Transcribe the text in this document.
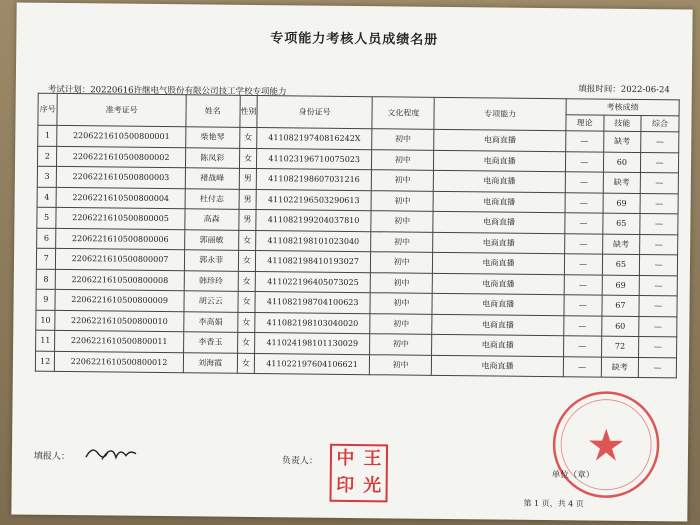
专项能力考核人员成绩名册
考试计划：20220616许继电气股份有限公司技工学校专项能力	填报时间：2022-06-24
序号	准考证号	姓名	性别	身份证号	文化程度	专项能力	考核成绩		
							理论	技能	综合
1	2206221610500800001	柴艳琴	女	41108219740816242X	初中	电商直播	—	缺考	—
2	2206221610500800002	陈凤彩	女	411023196710075023	初中	电商直播	—	60	—
3	2206221610500800003	褚战峰	男	411082198607031216	初中	电商直播	—	缺考	—
4	2206221610500800004	杜付志	男	411022196503290613	初中	电商直播	—	69	—
5	2206221610500800005	高森	男	411082199204037810	初中	电商直播	—	65	—
6	2206221610500800006	郭丽敏	女	411082198101023040	初中	电商直播	—	缺考	—
7	2206221610500800007	郭永菲	女	411082198410193027	初中	电商直播	—	65	—
8	2206221610500800008	韩珍玲	女	411022196405073025	初中	电商直播	—	69	—
9	2206221610500800009	胡云云	女	411082198704100623	初中	电商直播	—	67	—
10	2206221610500800010	李高娟	女	411082198103040020	初中	电商直播	—	60	—
11	2206221610500800011	李香玉	女	411024198101130029	初中	电商直播	—	72	—
12	2206221610500800012	刘海霞	女	411022197604106621	初中	电商直播	—	缺考	—
填报人：	负责人： 中 王
印 光	单位（章）
第 1 页，共 4 页
